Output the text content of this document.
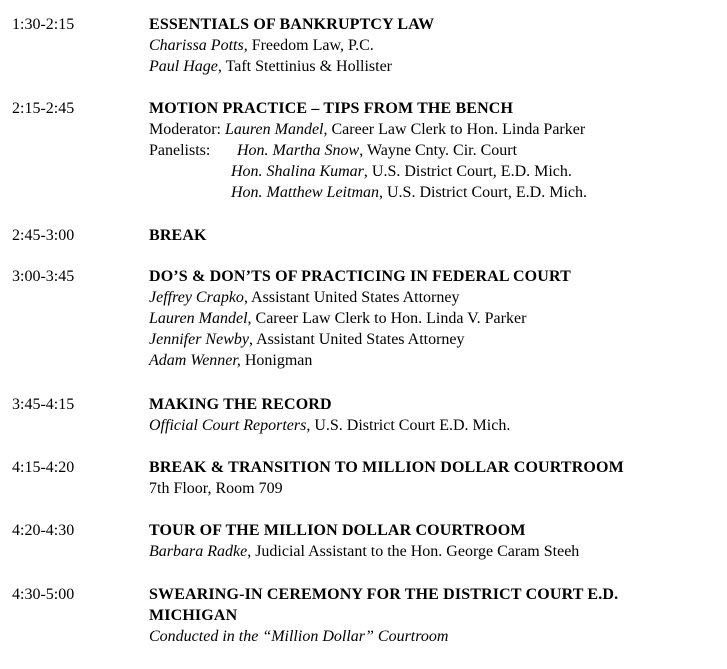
1:30-2:15	ESSENTIALS OF BANKRUPTCY LAW
Charissa Potts, Freedom Law, P.C.
Paul Hage, Taft Stettinius & Hollister
2:15-2:45	MOTION PRACTICE – TIPS FROM THE BENCH
Moderator: Lauren Mandel, Career Law Clerk to Hon. Linda Parker
Panelists: Hon. Martha Snow, Wayne Cnty. Cir. Court
Hon. Shalina Kumar, U.S. District Court, E.D. Mich.
Hon. Matthew Leitman, U.S. District Court, E.D. Mich.
2:45-3:00	BREAK
3:00-3:45	DO’S & DON’TS OF PRACTICING IN FEDERAL COURT
Jeffrey Crapko, Assistant United States Attorney
Lauren Mandel, Career Law Clerk to Hon. Linda V. Parker
Jennifer Newby, Assistant United States Attorney
Adam Wenner, Honigman
3:45-4:15	MAKING THE RECORD
Official Court Reporters, U.S. District Court E.D. Mich.
4:15-4:20	BREAK & TRANSITION TO MILLION DOLLAR COURTROOM
7th Floor, Room 709
4:20-4:30	TOUR OF THE MILLION DOLLAR COURTROOM
Barbara Radke, Judicial Assistant to the Hon. George Caram Steeh
4:30-5:00	SWEARING-IN CEREMONY FOR THE DISTRICT COURT E.D.
MICHIGAN
Conducted in the “Million Dollar” Courtroom
